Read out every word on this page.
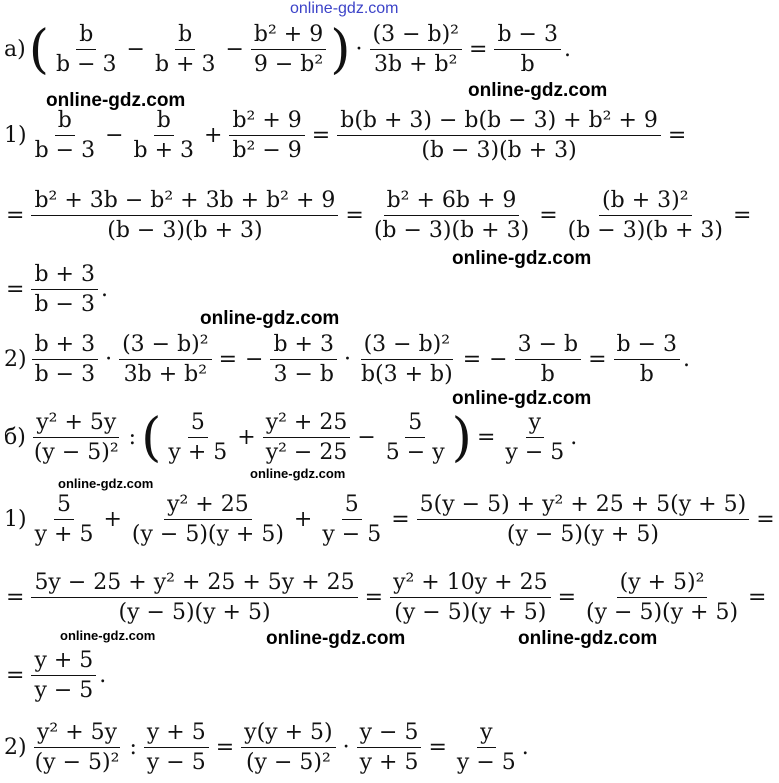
online-gdz.com
а) ( $\frac{b}{b - 3} - \frac{b}{b + 3} - \frac{\text{b² + 9}}{\text{9 − b²}}$ ) · $\frac{\text{(3 − b)²}}{\text{3b + b²}} = \frac{b - 3}{b}$ .
online-gdz.com	online-gdz.com
$1) \frac{b}{b - 3} - \frac{b}{b + 3} + \frac{\text{b² + 9}}{\text{b² − 9}} = \frac{\text{b(b + 3) − b(b − 3) + b² + 9}}{(b - 3)(b + 3)}$ =
= $\frac{\text{b² + 3b − b² + 3b + b² + 9}}{(b - 3)(b + 3)} = \frac{\text{b² + 6b + 9}}{(b - 3)(b + 3)} = \frac{\text{(b + 3)²}}{(b - 3)(b + 3)}$ =
online-gdz.com
= $\frac{b + 3}{b - 3}$ .
online-gdz.com
$2) \frac{b + 3}{b - 3} \cdot \frac{\text{(3 − b)²}}{\text{3b + b²}}$ = − $\frac{b + 3}{3 - b} \cdot \frac{\text{(3 − b)²}}{b(3 + b)}$ = − $\frac{3 - b}{b} = \frac{b - 3}{b}$ .
online-gdz.com
$б) \frac{\text{y² + 5y}}{\text{(y − 5)²}}$ : ( $\frac{5}{y + 5} + \frac{\text{y² + 25}}{\text{y² − 25}} - \frac{5}{5 - y}$ ) = $\frac{y}{y - 5}$ .
online-gdz.com
online-gdz.com
$1) \frac{5}{y + 5} + \frac{\text{y² + 25}}{(y - 5)(y + 5)} + \frac{5}{y - 5} = \frac{\text{5(y − 5) + y² + 25 + 5(y + 5)}}{(y - 5)(y + 5)}$ =
= $\frac{\text{5y − 25 + y² + 25 + 5y + 25}}{(y - 5)(y + 5)} = \frac{\text{y² + 10y + 25}}{(y - 5)(y + 5)} = \frac{\text{(y + 5)²}}{(y - 5)(y + 5)}$ =
online-gdz.com	online-gdz.com	online-gdz.com
= $\frac{y + 5}{y - 5}$ .
$2) \frac{\text{y² + 5y}}{\text{(y − 5)²}}$ : $\frac{y + 5}{y - 5} = \frac{y(y + 5)}{\text{(y − 5)²}} \cdot \frac{y - 5}{y + 5} = \frac{y}{y - 5}$ .
